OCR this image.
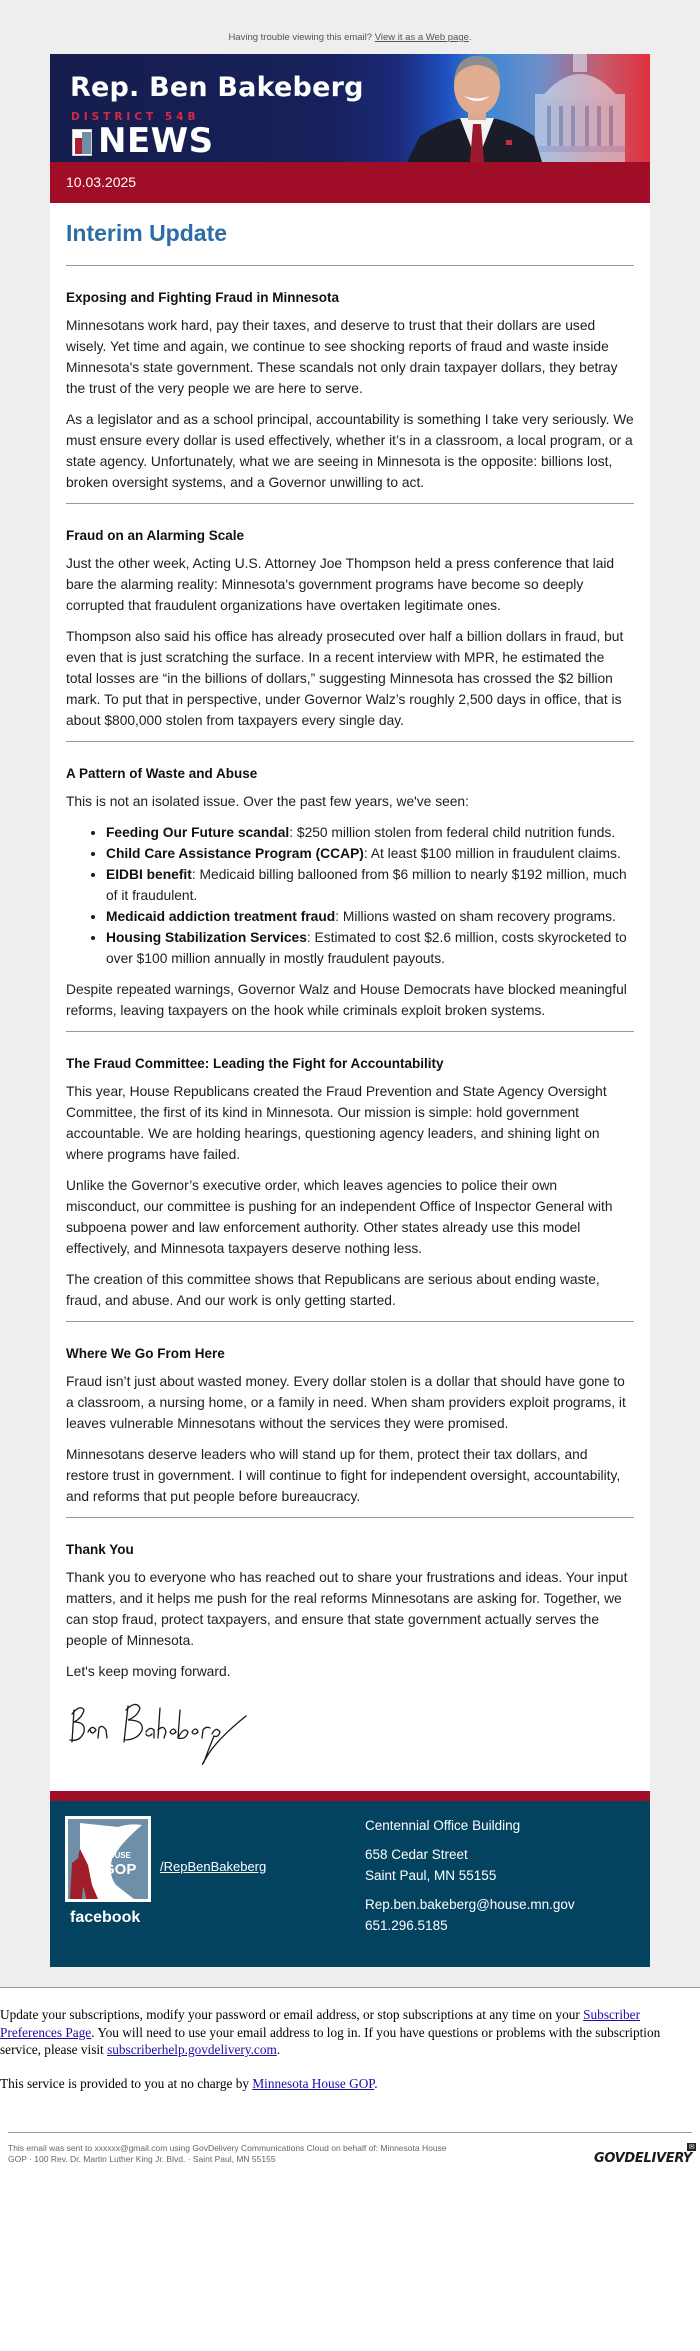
Having trouble viewing this email? View it as a Web page.
Rep. Ben Bakeberg
DISTRICT 54B
NEWS
10.03.2025
Interim Update
Exposing and Fighting Fraud in Minnesota

Minnesotans work hard, pay their taxes, and deserve to trust that their dollars are used wisely. Yet time and again, we continue to see shocking reports of fraud and waste inside Minnesota's state government. These scandals not only drain taxpayer dollars, they betray the trust of the very people we are here to serve.

As a legislator and as a school principal, accountability is something I take very seriously. We must ensure every dollar is used effectively, whether it’s in a classroom, a local program, or a state agency. Unfortunately, what we are seeing in Minnesota is the opposite: billions lost, broken oversight systems, and a Governor unwilling to act.

Fraud on an Alarming Scale

Just the other week, Acting U.S. Attorney Joe Thompson held a press conference that laid bare the alarming reality: Minnesota's government programs have become so deeply corrupted that fraudulent organizations have overtaken legitimate ones.

Thompson also said his office has already prosecuted over half a billion dollars in fraud, but even that is just scratching the surface. In a recent interview with MPR, he estimated the total losses are “in the billions of dollars,” suggesting Minnesota has crossed the $2 billion mark. To put that in perspective, under Governor Walz’s roughly 2,500 days in office, that is about $800,000 stolen from taxpayers every single day.

A Pattern of Waste and Abuse

This is not an isolated issue. Over the past few years, we've seen:

• Feeding Our Future scandal: $250 million stolen from federal child nutrition funds.
• Child Care Assistance Program (CCAP): At least $100 million in fraudulent claims.
• EIDBI benefit: Medicaid billing ballooned from $6 million to nearly $192 million, much of it fraudulent.
• Medicaid addiction treatment fraud: Millions wasted on sham recovery programs.
• Housing Stabilization Services: Estimated to cost $2.6 million, costs skyrocketed to over $100 million annually in mostly fraudulent payouts.

Despite repeated warnings, Governor Walz and House Democrats have blocked meaningful reforms, leaving taxpayers on the hook while criminals exploit broken systems.

The Fraud Committee: Leading the Fight for Accountability

This year, House Republicans created the Fraud Prevention and State Agency Oversight Committee, the first of its kind in Minnesota. Our mission is simple: hold government accountable. We are holding hearings, questioning agency leaders, and shining light on where programs have failed.

Unlike the Governor’s executive order, which leaves agencies to police their own misconduct, our committee is pushing for an independent Office of Inspector General with subpoena power and law enforcement authority. Other states already use this model effectively, and Minnesota taxpayers deserve nothing less.

The creation of this committee shows that Republicans are serious about ending waste, fraud, and abuse. And our work is only getting started.

Where We Go From Here

Fraud isn’t just about wasted money. Every dollar stolen is a dollar that should have gone to a classroom, a nursing home, or a family in need. When sham providers exploit programs, it leaves vulnerable Minnesotans without the services they were promised.

Minnesotans deserve leaders who will stand up for them, protect their tax dollars, and restore trust in government. I will continue to fight for independent oversight, accountability, and reforms that put people before bureaucracy.

Thank You

Thank you to everyone who has reached out to share your frustrations and ideas. Your input matters, and it helps me push for the real reforms Minnesotans are asking for. Together, we can stop fraud, protect taxpayers, and ensure that state government actually serves the people of Minnesota.

Let's keep moving forward.

MNHOUSE
GOP
facebook
/RepBenBakeberg

Centennial Office Building

658 Cedar Street

Saint Paul, MN 55155

Rep.ben.bakeberg@house.mn.gov

651.296.5185

Update your subscriptions, modify your password or email address, or stop subscriptions at any time on your Subscriber Preferences Page. You will need to use your email address to log in. If you have questions or problems with the subscription service, please visit subscriberhelp.govdelivery.com.

This service is provided to you at no charge by Minnesota House GOP.

This email was sent to xxxxxx@gmail.com using GovDelivery Communications Cloud on behalf of: Minnesota House GOP · 100 Rev. Dr. Martin Luther King Jr. Blvd. · Saint Paul, MN 55155	GOVDELIVERY
✉
